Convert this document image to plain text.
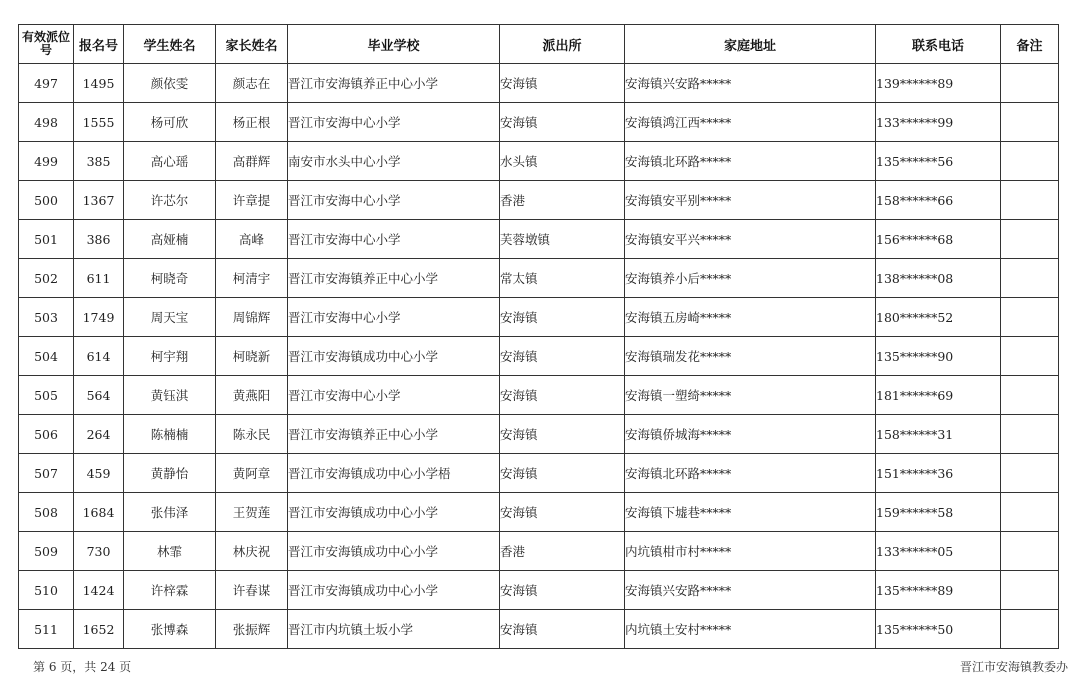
有效派位号	报名号	学生姓名	家长姓名	毕业学校	派出所	家庭地址	联系电话	备注
497	1495	颜依雯	颜志在	晋江市安海镇养正中心小学	安海镇	安海镇兴安路*****	139******89	
498	1555	杨可欣	杨正根	晋江市安海中心小学	安海镇	安海镇鸿江西*****	133******99	
499	385	高心瑶	高群辉	南安市水头中心小学	水头镇	安海镇北环路*****	135******56	
500	1367	许芯尔	许章提	晋江市安海中心小学	香港	安海镇安平别*****	158******66	
501	386	高娅楠	高峰	晋江市安海中心小学	芙蓉墩镇	安海镇安平兴*****	156******68	
502	611	柯晓奇	柯清宇	晋江市安海镇养正中心小学	常太镇	安海镇养小后*****	138******08	
503	1749	周天宝	周锦辉	晋江市安海中心小学	安海镇	安海镇五房崎*****	180******52	
504	614	柯宇翔	柯晓新	晋江市安海镇成功中心小学	安海镇	安海镇瑞发花*****	135******90	
505	564	黄钰淇	黄燕阳	晋江市安海中心小学	安海镇	安海镇一塑绮*****	181******69	
506	264	陈楠楠	陈永民	晋江市安海镇养正中心小学	安海镇	安海镇侨城海*****	158******31	
507	459	黄静怡	黄阿章	晋江市安海镇成功中心小学梧	安海镇	安海镇北环路*****	151******36	
508	1684	张伟泽	王贺莲	晋江市安海镇成功中心小学	安海镇	安海镇下墟巷*****	159******58	
509	730	林霏	林庆祝	晋江市安海镇成功中心小学	香港	内坑镇柑市村*****	133******05	
510	1424	许梓霖	许春谋	晋江市安海镇成功中心小学	安海镇	安海镇兴安路*****	135******89	
511	1652	张博森	张振辉	晋江市内坑镇土坂小学	安海镇	内坑镇土安村*****	135******50	
第 6 页，共 24 页	晋江市安海镇教委办
